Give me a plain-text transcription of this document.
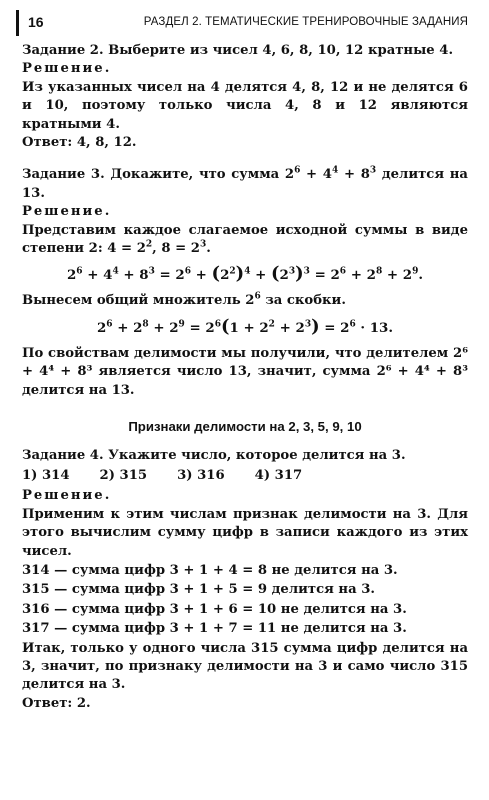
16	РАЗДЕЛ 2. ТЕМАТИЧЕСКИЕ ТРЕНИРОВОЧНЫЕ ЗАДАНИЯ

Задание 2. Выберите из чисел 4, 6, 8, 10, 12 кратные 4.

Решение.

Из указанных чисел на 4 делятся 4, 8, 12 и не делятся 6 и 10, поэтому только числа 4, 8 и 12 являются кратными 4.

Ответ: 4, 8, 12.

Задание 3. Докажите, что сумма $2^6 + 4^4 + 8^3$ делится на 13.

Решение.

Представим каждое слагаемое исходной суммы в виде степени 2: $4 = 2^2$, $8 = 2^3$.

$2^6 + 4^4 + 8^3 = 2^6 + (2^2)^4 + (2^3)^3 = 2^6 + 2^8 + 2^9$.

Вынесем общий множитель $2^6$ за скобки.

$2^6 + 2^8 + 2^9 = 2^6(1 + 2^2 + 2^3) = 2^6 \cdot 13$.

По свойствам делимости мы получили, что делителем 2⁶ + 4⁴ + 8³ является число 13, значит, сумма 2⁶ + 4⁴ + 8³ делится на 13.

Признаки делимости на 2, 3, 5, 9, 10

Задание 4. Укажите число, которое делится на 3.

1) 314 2) 315 3) 316 4) 317

Решение.

Применим к этим числам признак делимости на 3. Для этого вычислим сумму цифр в записи каждого из этих чисел.

314 — сумма цифр 3 + 1 + 4 = 8 не делится на 3.

315 — сумма цифр 3 + 1 + 5 = 9 делится на 3.

316 — сумма цифр 3 + 1 + 6 = 10 не делится на 3.

317 — сумма цифр 3 + 1 + 7 = 11 не делится на 3.

Итак, только у одного числа 315 сумма цифр делится на 3, значит, по признаку делимости на 3 и само число 315 делится на 3.

Ответ: 2.
